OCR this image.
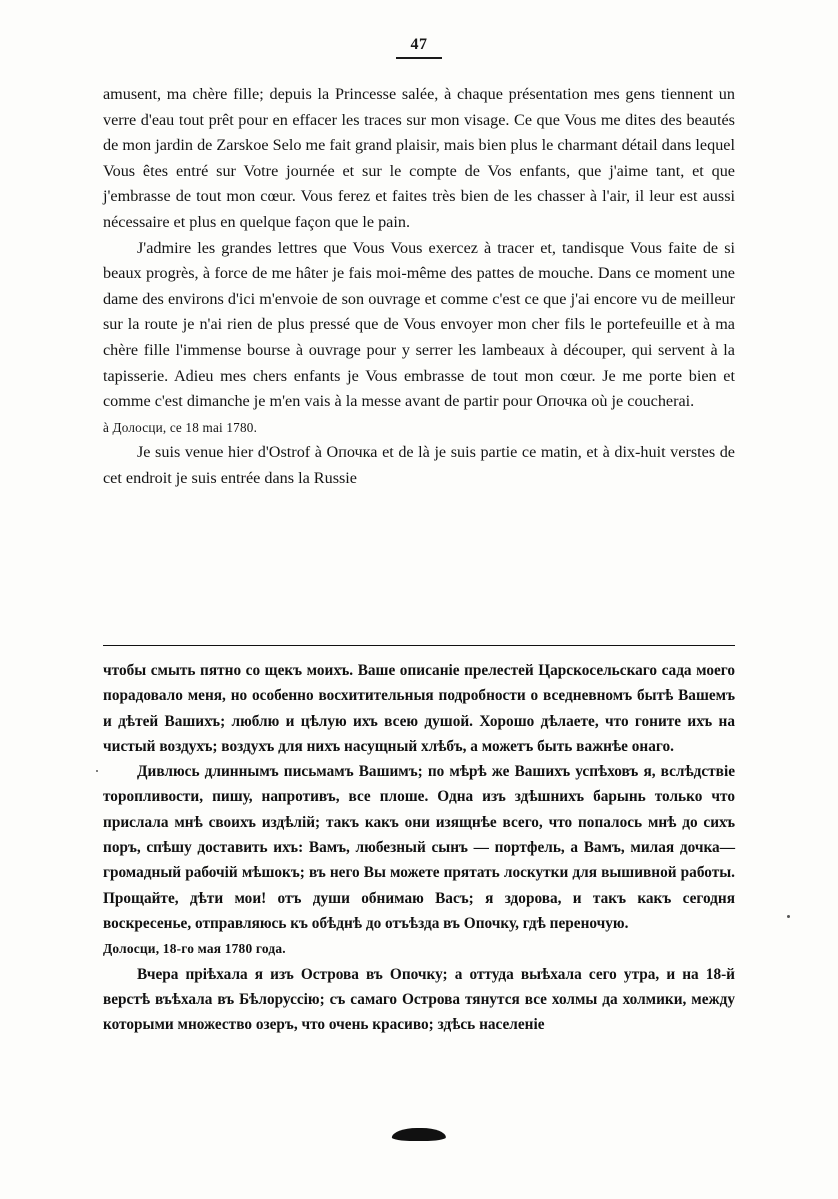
47

amusent, ma chère fille; depuis la Princesse salée, à chaque présentation mes gens tiennent un verre d'eau tout prêt pour en effacer les traces sur mon visage. Ce que Vous me dites des beautés de mon jardin de Zarskoe Selo me fait grand plaisir, mais bien plus le charmant détail dans lequel Vous êtes entré sur Votre journée et sur le compte de Vos enfants, que j'aime tant, et que j'embrasse de tout mon cœur. Vous ferez et faites très bien de les chasser à l'air, il leur est aussi nécessaire et plus en quelque façon que le pain.

J'admire les grandes lettres que Vous Vous exercez à tracer et, tandisque Vous faite de si beaux progrès, à force de me hâter je fais moi-même des pattes de mouche. Dans ce moment une dame des environs d'ici m'envoie de son ouvrage et comme c'est ce que j'ai encore vu de meilleur sur la route je n'ai rien de plus pressé que de Vous envoyer mon cher fils le portefeuille et à ma chère fille l'immense bourse à ouvrage pour y serrer les lambeaux à découper, qui servent à la tapisserie. Adieu mes chers enfants je Vous embrasse de tout mon cœur. Je me porte bien et comme c'est dimanche je m'en vais à la messe avant de partir pour Опочка où je coucherai.

à Долосци, ce 18 mai 1780.

Je suis venue hier d'Ostrof à Опочка et de là je suis partie ce matin, et à dix-huit verstes de cet endroit je suis entrée dans la Russie

чтобы смыть пятно со щекъ моихъ. Ваше описаніе прелестей Царскосельскаго сада моего порадовало меня, но особенно восхитительныя подробности о вседневномъ бытѣ Вашемъ и дѣтей Вашихъ; люблю и цѣлую ихъ всею душой. Хорошо дѣлаете, что гоните ихъ на чистый воздухъ; воздухъ для нихъ насущный хлѣбъ, а можетъ быть важнѣе онаго.

Дивлюсь длиннымъ письмамъ Вашимъ; по мѣрѣ же Вашихъ успѣховъ я, вслѣдствіе торопливости, пишу, напротивъ, все плоше. Одна изъ здѣшнихъ барынь только что прислала мнѣ своихъ издѣлій; такъ какъ они изящнѣе всего, что попалось мнѣ до сихъ поръ, спѣшу доставить ихъ: Вамъ, любезный сынъ — портфель, а Вамъ, милая дочка—громадный рабочій мѣшокъ; въ него Вы можете прятать лоскутки для вышивной работы. Прощайте, дѣти мои! отъ души обнимаю Васъ; я здорова, и такъ какъ сегодня воскресенье, отправляюсь къ обѣднѣ до отъѣзда въ Опочку, гдѣ переночую.

Долосци, 18-го мая 1780 года.

Вчера пріѣхала я изъ Острова въ Опочку; а оттуда выѣхала сего утра, и на 18-й верстѣ въѣхала въ Бѣлоруссію; съ самаго Острова тянутся все холмы да холмики, между которыми множество озеръ, что очень красиво; здѣсь населеніе
